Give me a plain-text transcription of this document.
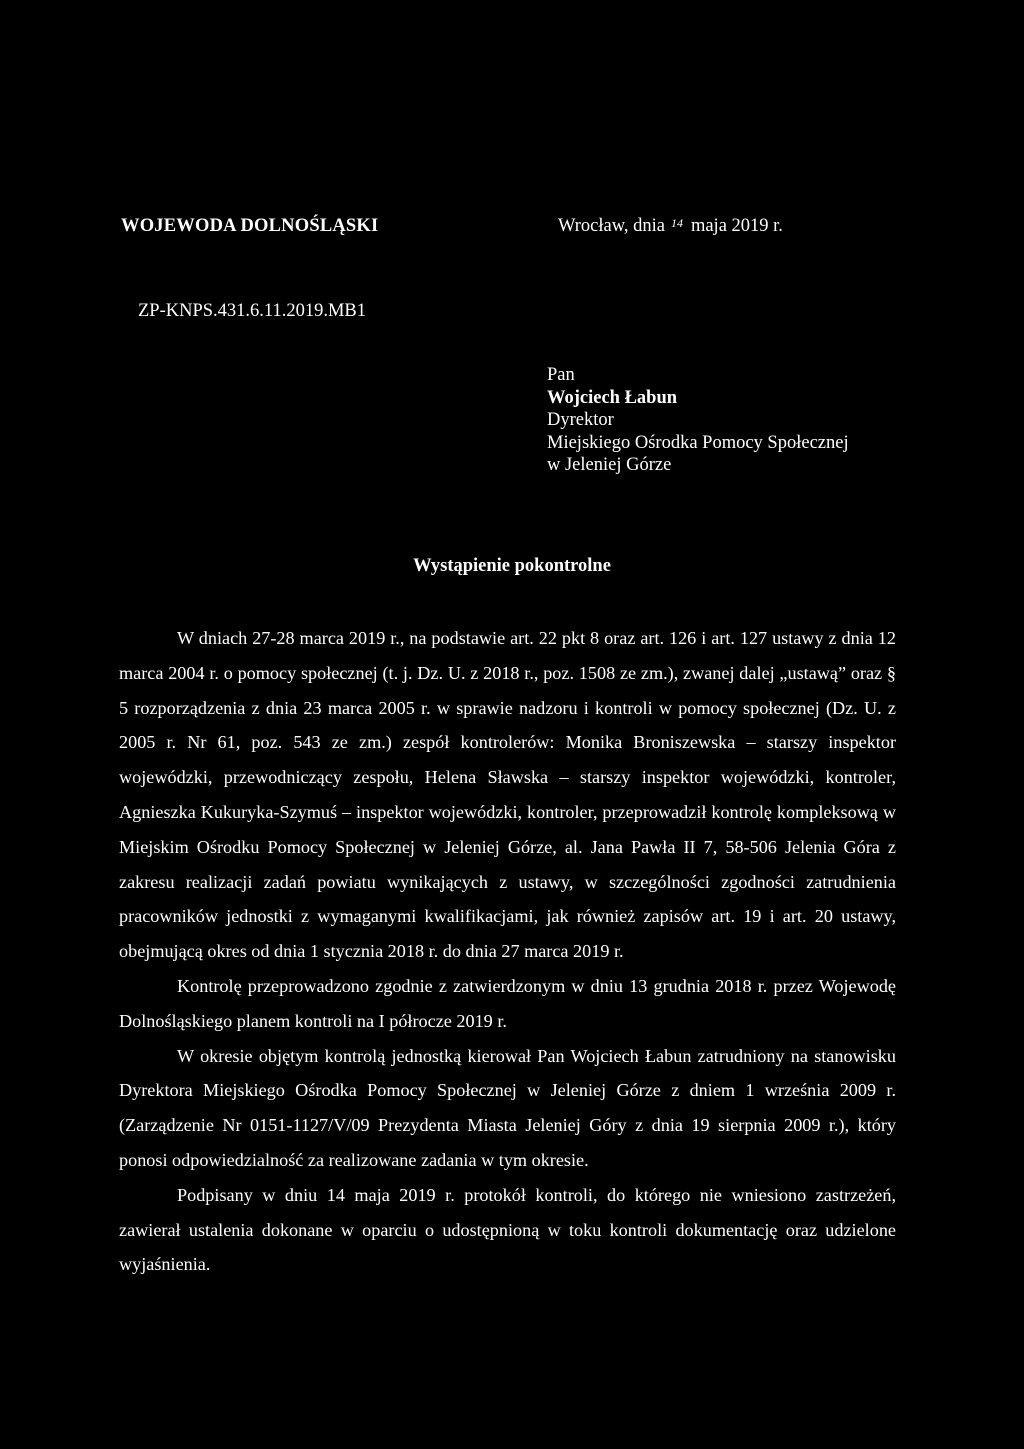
WOJEWODA DOLNOŚLĄSKI	Wrocław, dnia $^{14}$ maja 2019 r.
ZP-KNPS.431.6.11.2019.MB1
Pan
Wojciech Łabun
Dyrektor
Miejskiego Ośrodka Pomocy Społecznej
w Jeleniej Górze
Wystąpienie pokontrolne

W dniach 27-28 marca 2019 r., na podstawie art. 22 pkt 8 oraz art. 126 i art. 127 ustawy z dnia 12 marca 2004 r. o pomocy społecznej (t. j. Dz. U. z 2018 r., poz. 1508 ze zm.), zwanej dalej „ustawą” oraz § 5 rozporządzenia z dnia 23 marca 2005 r. w sprawie nadzoru i kontroli w pomocy społecznej (Dz. U. z 2005 r. Nr 61, poz. 543 ze zm.) zespół kontrolerów: Monika Broniszewska – starszy inspektor wojewódzki, przewodniczący zespołu, Helena Sławska – starszy inspektor wojewódzki, kontroler, Agnieszka Kukuryka-Szymuś – inspektor wojewódzki, kontroler, przeprowadził kontrolę kompleksową w Miejskim Ośrodku Pomocy Społecznej w Jeleniej Górze, al. Jana Pawła II 7, 58-506 Jelenia Góra z zakresu realizacji zadań powiatu wynikających z ustawy, w szczególności zgodności zatrudnienia pracowników jednostki z wymaganymi kwalifikacjami, jak również zapisów art. 19 i art. 20 ustawy, obejmującą okres od dnia 1 stycznia 2018 r. do dnia 27 marca 2019 r.

Kontrolę przeprowadzono zgodnie z zatwierdzonym w dniu 13 grudnia 2018 r. przez Wojewodę Dolnośląskiego planem kontroli na I półrocze 2019 r.

W okresie objętym kontrolą jednostką kierował Pan Wojciech Łabun zatrudniony na stanowisku Dyrektora Miejskiego Ośrodka Pomocy Społecznej w Jeleniej Górze z dniem 1 września 2009 r. (Zarządzenie Nr 0151-1127/V/09 Prezydenta Miasta Jeleniej Góry z dnia 19 sierpnia 2009 r.), który ponosi odpowiedzialność za realizowane zadania w tym okresie.

Podpisany w dniu 14 maja 2019 r. protokół kontroli, do którego nie wniesiono zastrzeżeń, zawierał ustalenia dokonane w oparciu o udostępnioną w toku kontroli dokumentację oraz udzielone wyjaśnienia.
